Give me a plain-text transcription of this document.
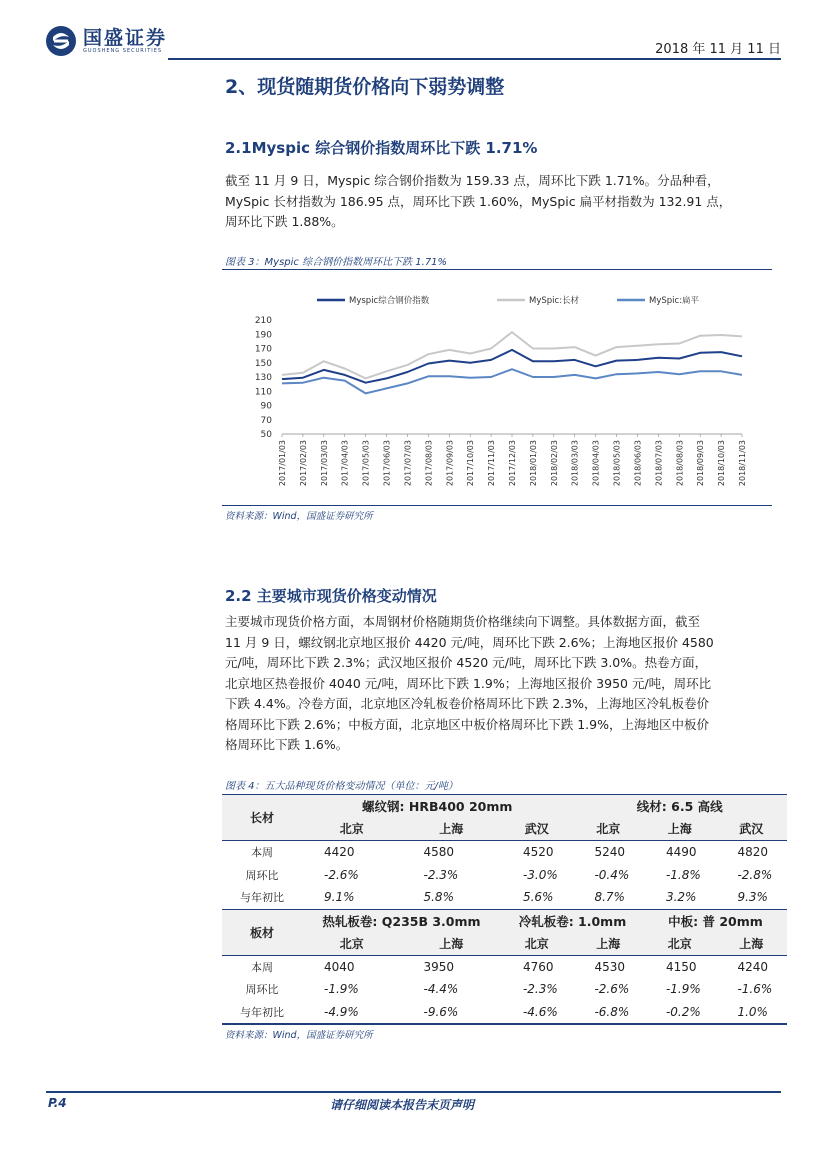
国盛证券
GUOSHENG SECURITIES	2018 年 11 月 11 日
2、现货随期货价格向下弱势调整
2.1Myspic 综合钢价指数周环比下跌 1.71%
截至 11 月 9 日，Myspic 综合钢价指数为 159.33 点，周环比下跌 1.71%。分品种看，
MySpic 长材指数为 186.95 点，周环比下跌 1.60%，MySpic 扁平材指数为 132.91 点，
周环比下跌 1.88%。
图表 3：Myspic 综合钢价指数周环比下跌 1.71%
50
70
90
110
130
150
170
190
210
2017/01/03 2017/02/03 2017/03/03 2017/04/03 2017/05/03 2017/06/03 2017/07/03 2017/08/03 2017/09/03 2017/10/03 2017/11/03 2017/12/03 2018/01/03 2018/02/03 2018/03/03 2018/04/03 2018/05/03 2018/06/03 2018/07/03 2018/08/03 2018/09/03 2018/10/03 2018/11/03
Myspic综合钢价指数	MySpic:长材	MySpic:扁平
资料来源：Wind，国盛证券研究所
2.2 主要城市现货价格变动情况
主要城市现货价格方面，本周钢材价格随期货价格继续向下调整。具体数据方面，截至
11 月 9 日，螺纹钢北京地区报价 4420 元/吨，周环比下跌 2.6%；上海地区报价 4580
元/吨，周环比下跌 2.3%；武汉地区报价 4520 元/吨，周环比下跌 3.0%。热卷方面，
北京地区热卷报价 4040 元/吨，周环比下跌 1.9%；上海地区报价 3950 元/吨，周环比
下跌 4.4%。冷卷方面，北京地区冷轧板卷价格周环比下跌 2.3%，上海地区冷轧板卷价
格周环比下跌 2.6%；中板方面，北京地区中板价格周环比下跌 1.9%，上海地区中板价
格周环比下跌 1.6%。
图表 4：五大品种现货价格变动情况（单位：元/吨）
长材	螺纹钢: HRB400 20mm			线材: 6.5 高线		
	北京	上海	武汉	北京	上海	武汉
本周	4420	4580	4520	5240	4490	4820
周环比	-2.6%	-2.3%	-3.0%	-0.4%	-1.8%	-2.8%
与年初比	9.1%	5.8%	5.6%	8.7%	3.2%	9.3%
板材	热轧板卷: Q235B 3.0mm		冷轧板卷: 1.0mm		中板: 普 20mm	
	北京	上海	北京	上海	北京	上海
本周	4040	3950	4760	4530	4150	4240
周环比	-1.9%	-4.4%	-2.3%	-2.6%	-1.9%	-1.6%
与年初比	-4.9%	-9.6%	-4.6%	-6.8%	-0.2%	1.0%
资料来源：Wind，国盛证券研究所
P.4	请仔细阅读本报告末页声明
